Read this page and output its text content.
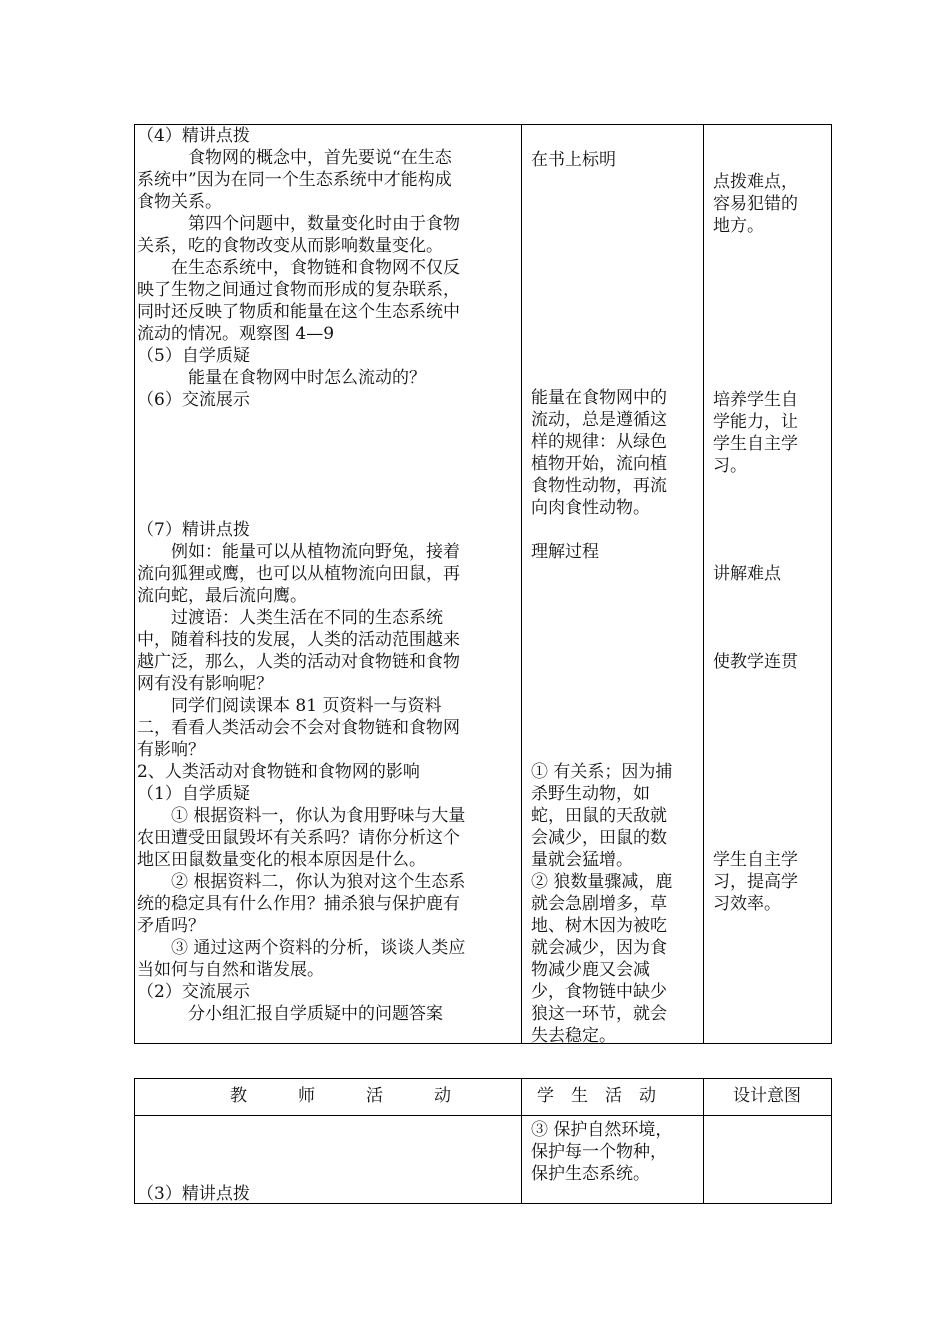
（4）精讲点拨
　　　食物网的概念中，首先要说“在生态
系统中”因为在同一个生态系统中才能构成
食物关系。
　　　第四个问题中，数量变化时由于食物
关系，吃的食物改变从而影响数量变化。
　　在生态系统中，食物链和食物网不仅反
映了生物之间通过食物而形成的复杂联系，
同时还反映了物质和能量在这个生态系统中
流动的情况。观察图 4—9
（5）自学质疑
　　　能量在食物网中时怎么流动的？
（6）交流展示
（7）精讲点拨
　　例如：能量可以从植物流向野兔，接着
流向狐狸或鹰，也可以从植物流向田鼠，再
流向蛇，最后流向鹰。
　　过渡语：人类生活在不同的生态系统
中，随着科技的发展，人类的活动范围越来
越广泛，那么，人类的活动对食物链和食物
网有没有影响呢？
　　同学们阅读课本 81 页资料一与资料
二，看看人类活动会不会对食物链和食物网
有影响？
2、人类活动对食物链和食物网的影响
（1）自学质疑
　　① 根据资料一，你认为食用野味与大量
农田遭受田鼠毁坏有关系吗？请你分析这个
地区田鼠数量变化的根本原因是什么。
　　② 根据资料二，你认为狼对这个生态系
统的稳定具有什么作用？捕杀狼与保护鹿有
矛盾吗？
　　③ 通过这两个资料的分析，谈谈人类应
当如何与自然和谐发展。
（2）交流展示
　　　分小组汇报自学质疑中的问题答案
在书上标明
能量在食物网中的
流动，总是遵循这
样的规律：从绿色
植物开始，流向植
食物性动物，再流
向肉食性动物。
理解过程
① 有关系；因为捕
杀野生动物，如
蛇，田鼠的天敌就
会减少，田鼠的数
量就会猛增。
② 狼数量骤减，鹿
就会急剧增多，草
地、树木因为被吃
就会减少，因为食
物减少鹿又会减
少，食物链中缺少
狼这一环节，就会
失去稳定。
点拨难点，
容易犯错的
地方。
培养学生自
学能力，让
学生自主学
习。
讲解难点
使教学连贯
学生自主学
习，提高学
习效率。
教　　　师　　　活　　　动	学　生　活　动	设计意图
（3）精讲点拨
③ 保护自然环境，
保护每一个物种，
保护生态系统。
